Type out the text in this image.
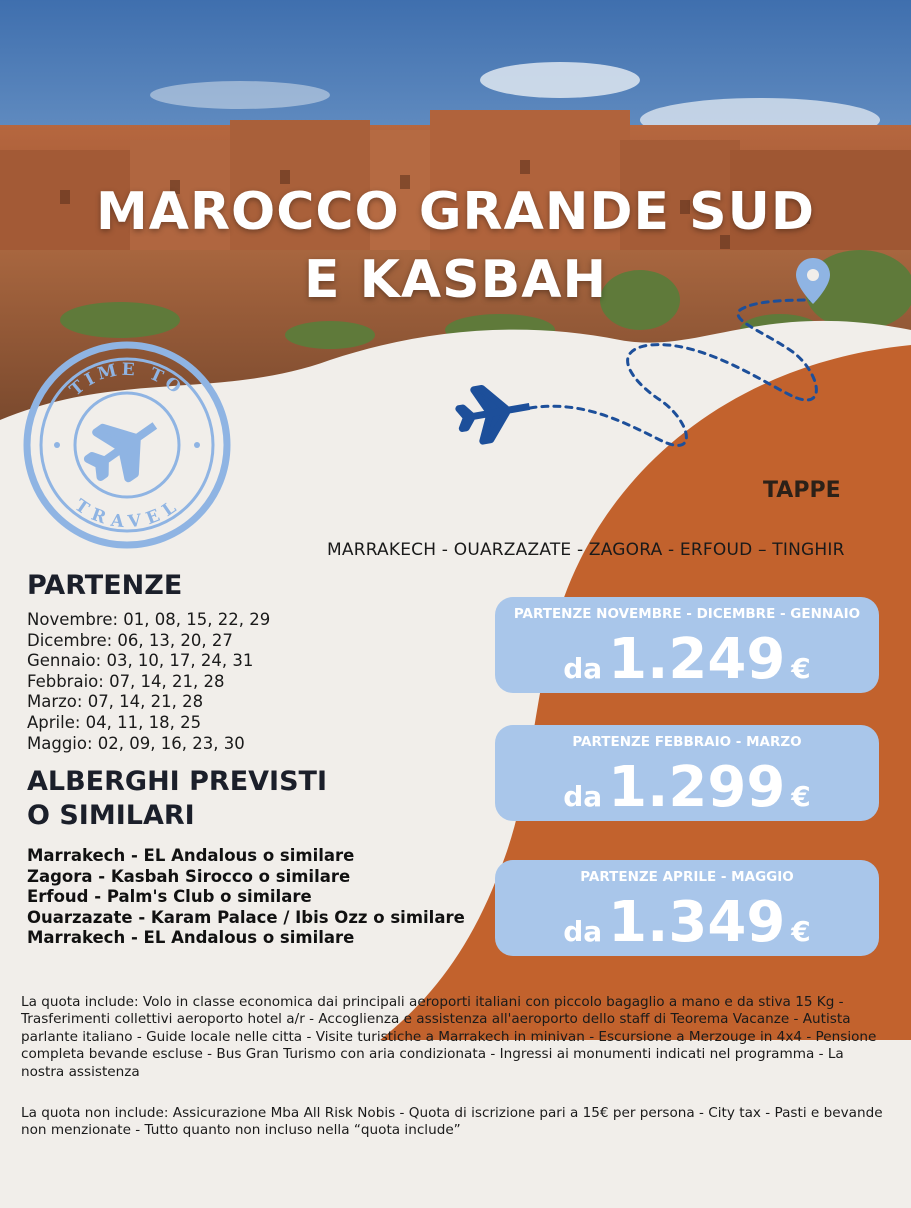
MAROCCO GRANDE SUD
E KASBAH
TIME TO
TRAVEL
TAPPE
MARRAKECH - OUARZAZATE - ZAGORA - ERFOUD – TINGHIR
PARTENZE
Novembre: 01, 08, 15, 22, 29
Dicembre: 06, 13, 20, 27
Gennaio: 03, 10, 17, 24, 31
Febbraio: 07, 14, 21, 28
Marzo: 07, 14, 21, 28
Aprile: 04, 11, 18, 25
Maggio: 02, 09, 16, 23, 30
ALBERGHI PREVISTI
O SIMILARI
Marrakech - EL Andalous o similare
Zagora - Kasbah Sirocco o similare
Erfoud - Palm's Club o similare
Ouarzazate - Karam Palace / Ibis Ozz o similare
Marrakech - EL Andalous o similare
PARTENZE NOVEMBRE - DICEMBRE - GENNAIO
da 1.249 €
PARTENZE FEBBRAIO - MARZO
da 1.299 €
PARTENZE APRILE - MAGGIO
da 1.349 €
La quota include: Volo in classe economica dai principali aeroporti italiani con piccolo bagaglio a mano e da stiva 15 Kg - Trasferimenti collettivi aeroporto hotel a/r - Accoglienza e assistenza all'aeroporto dello staff di Teorema Vacanze - Autista parlante italiano - Guide locale nelle citta - Visite turistiche a Marrakech in minivan - Escursione a Merzouge in 4x4 - Pensione completa bevande escluse - Bus Gran Turismo con aria condizionata - Ingressi ai monumenti indicati nel programma - La nostra assistenza
La quota non include: Assicurazione Mba All Risk Nobis - Quota di iscrizione pari a 15€ per persona - City tax - Pasti e bevande non menzionate - Tutto quanto non incluso nella “quota include”
